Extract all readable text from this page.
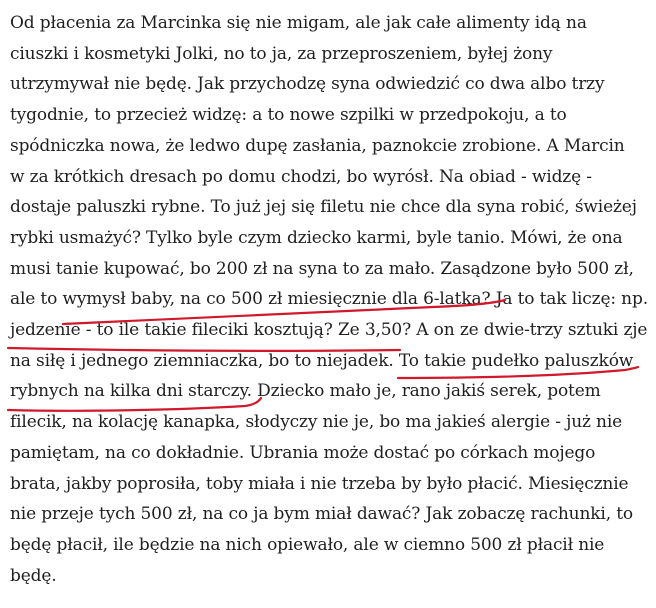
Od płacenia za Marcinka się nie migam, ale jak całe alimenty idą na
ciuszki i kosmetyki Jolki, no to ja, za przeproszeniem, byłej żony
utrzymywał nie będę. Jak przychodzę syna odwiedzić co dwa albo trzy
tygodnie, to przecież widzę: a to nowe szpilki w przedpokoju, a to
spódniczka nowa, że ledwo dupę zasłania, paznokcie zrobione. A Marcin
w za krótkich dresach po domu chodzi, bo wyrósł. Na obiad - widzę -
dostaje paluszki rybne. To już jej się filetu nie chce dla syna robić, świeżej
rybki usmażyć? Tylko byle czym dziecko karmi, byle tanio. Mówi, że ona
musi tanie kupować, bo 200 zł na syna to za mało. Zasądzone było 500 zł,
ale to wymysł baby, na co 500 zł miesięcznie dla 6-latka? Ja to tak liczę: np.
jedzenie - to ile takie fileciki kosztują? Ze 3,50? A on ze dwie-trzy sztuki zje
na siłę i jednego ziemniaczka, bo to niejadek. To takie pudełko paluszków
rybnych na kilka dni starczy. Dziecko mało je, rano jakiś serek, potem
filecik, na kolację kanapka, słodyczy nie je, bo ma jakieś alergie - już nie
pamiętam, na co dokładnie. Ubrania może dostać po córkach mojego
brata, jakby poprosiła, toby miała i nie trzeba by było płacić. Miesięcznie
nie przeje tych 500 zł, na co ja bym miał dawać? Jak zobaczę rachunki, to
będę płacił, ile będzie na nich opiewało, ale w ciemno 500 zł płacił nie
będę.
